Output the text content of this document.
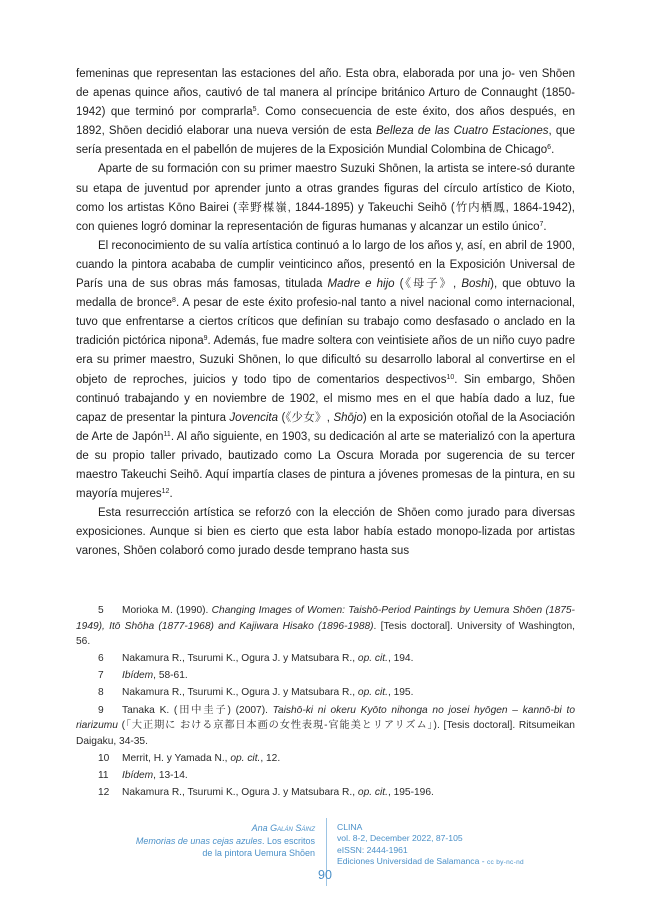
femeninas que representan las estaciones del año. Esta obra, elaborada por una jo- ven Shōen de apenas quince años, cautivó de tal manera al príncipe británico Arturo de Connaught (1850-1942) que terminó por comprarla$^5$. Como consecuencia de este éxito, dos años después, en 1892, Shōen decidió elaborar una nueva versión de esta Belleza de las Cuatro Estaciones, que sería presentada en el pabellón de mujeres de la Exposición Mundial Colombina de Chicago$^6$.

Aparte de su formación con su primer maestro Suzuki Shōnen, la artista se intere-só durante su etapa de juventud por aprender junto a otras grandes figuras del círculo artístico de Kioto, como los artistas Kōno Bairei (幸野楳嶺, 1844-1895) y Takeuchi Seihō (竹内栖鳳, 1864-1942), con quienes logró dominar la representación de figuras humanas y alcanzar un estilo único$^7$.

El reconocimiento de su valía artística continuó a lo largo de los años y, así, en abril de 1900, cuando la pintora acababa de cumplir veinticinco años, presentó en la Exposición Universal de París una de sus obras más famosas, titulada Madre e hijo (《母子》, Boshi), que obtuvo la medalla de bronce$^8$. A pesar de este éxito profesio-nal tanto a nivel nacional como internacional, tuvo que enfrentarse a ciertos críticos que definían su trabajo como desfasado o anclado en la tradición pictórica nipona$^9$. Además, fue madre soltera con veintisiete años de un niño cuyo padre era su primer maestro, Suzuki Shōnen, lo que dificultó su desarrollo laboral al convertirse en el objeto de reproches, juicios y todo tipo de comentarios despectivos$^{10}$. Sin embargo, Shōen continuó trabajando y en noviembre de 1902, el mismo mes en el que había dado a luz, fue capaz de presentar la pintura Jovencita (《少女》, Shōjo) en la exposición otoñal de la Asociación de Arte de Japón$^{11}$. Al año siguiente, en 1903, su dedicación al arte se materializó con la apertura de su propio taller privado, bautizado como La Oscura Morada por sugerencia de su tercer maestro Takeuchi Seihō. Aquí impartía clases de pintura a jóvenes promesas de la pintura, en su mayoría mujeres$^{12}$.

Esta resurrección artística se reforzó con la elección de Shōen como jurado para diversas exposiciones. Aunque si bien es cierto que esta labor había estado monopo-lizada por artistas varones, Shōen colaboró como jurado desde temprano hasta sus

5 Morioka M. (1990). Changing Images of Women: Taishō-Period Paintings by Uemura Shōen (1875-1949), Itō Shōha (1877-1968) and Kajiwara Hisako (1896-1988). [Tesis doctoral]. University of Washington, 56.

6 Nakamura R., Tsurumi K., Ogura J. y Matsubara R., op. cit., 194.

7 Ibídem, 58-61.

8 Nakamura R., Tsurumi K., Ogura J. y Matsubara R., op. cit., 195.

9 Tanaka K. (田中圭子) (2007). Taishō-ki ni okeru Kyōto nihonga no josei hyōgen – kannō-bi to riarizumu (「大正期に おける京都日本画の女性表現-官能美とリアリズム」). [Tesis doctoral]. Ritsumeikan Daigaku, 34-35.

10 Merrit, H. y Yamada N., op. cit., 12.

11 Ibídem, 13-14.

12 Nakamura R., Tsurumi K., Ogura J. y Matsubara R., op. cit., 195-196.

Ana Galán Sáinz
Memorias de unas cejas azules. Los escritos
de la pintora Uemura Shōen
CLINA
vol. 8-2, December 2022, 87-105
eISSN: 2444-1961
Ediciones Universidad de Salamanca - cc by-nc-nd
90
